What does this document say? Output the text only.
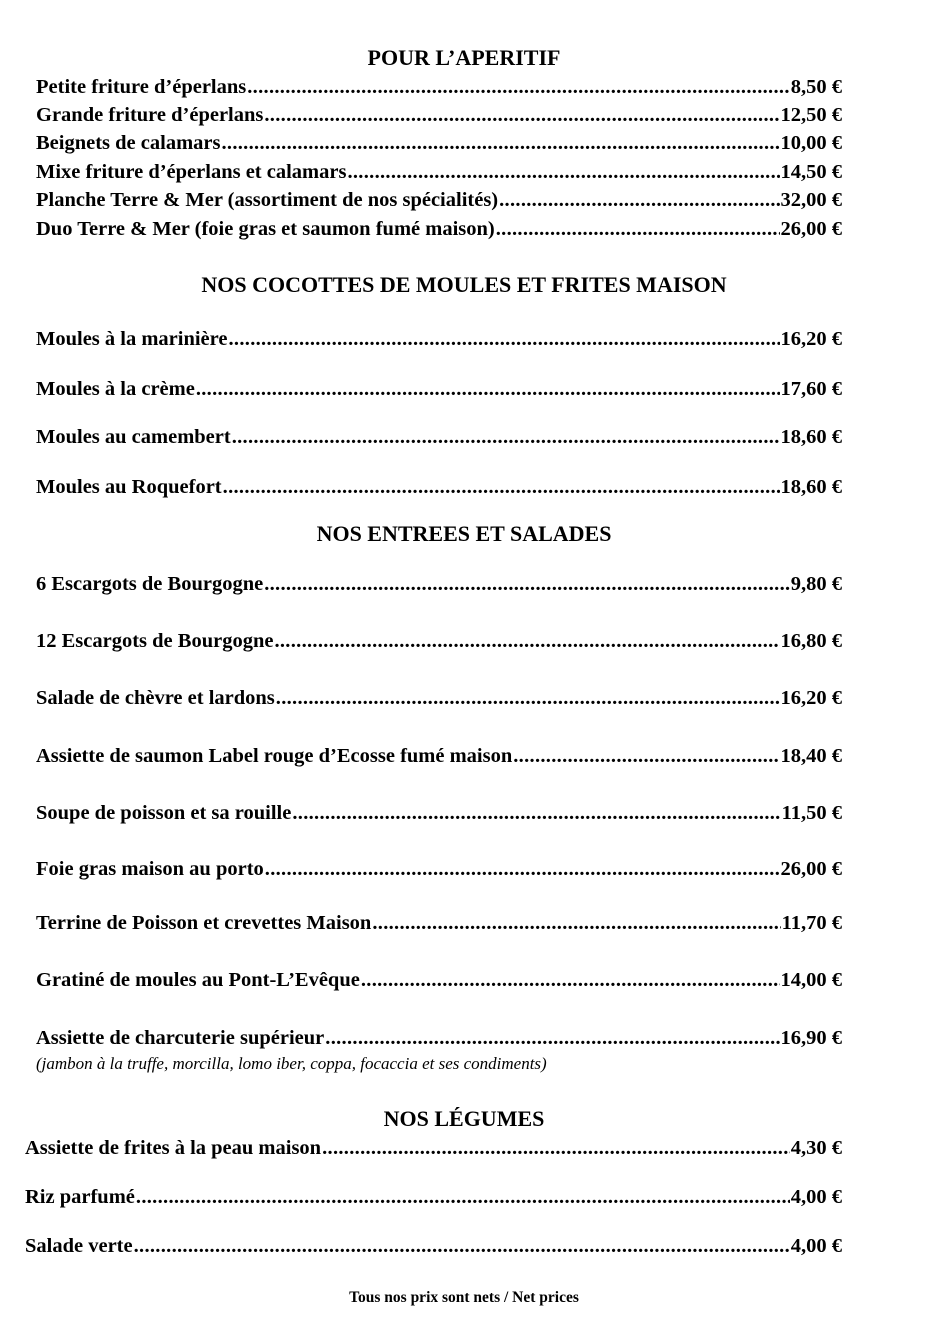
POUR L’APERITIF
Petite friture d’éperlans .....	8,50 €
Grande friture d’éperlans .....	12,50 €
Beignets de calamars .....	10,00 €
Mixe friture d’éperlans et calamars .....	14,50 €
Planche Terre & Mer (assortiment de nos spécialités) .....	32,00 €
Duo Terre & Mer (foie gras et saumon fumé maison) .....	26,00 €
NOS COCOTTES DE MOULES ET FRITES MAISON
Moules à la marinière .....	16,20 €
Moules à la crème .....	17,60 €
Moules au camembert .....	18,60 €
Moules au Roquefort .....	18,60 €
NOS ENTREES ET SALADES
6 Escargots de Bourgogne .....	9,80 €
12 Escargots de Bourgogne .....	16,80 €
Salade de chèvre et lardons .....	16,20 €
Assiette de saumon Label rouge d’Ecosse fumé maison .....	18,40 €
Soupe de poisson et sa rouille .....	11,50 €
Foie gras maison au porto .....	26,00 €
Terrine de Poisson et crevettes Maison .....	11,70 €
Gratiné de moules au Pont-L’Evêque .....	14,00 €
Assiette de charcuterie supérieur .....	16,90 €
(jambon à la truffe, morcilla, lomo iber, coppa, focaccia et ses condiments)
NOS LÉGUMES
Assiette de frites à la peau maison .....	4,30 €
Riz parfumé .....	4,00 €
Salade verte .....	4,00 €
Tous nos prix sont nets / Net prices
